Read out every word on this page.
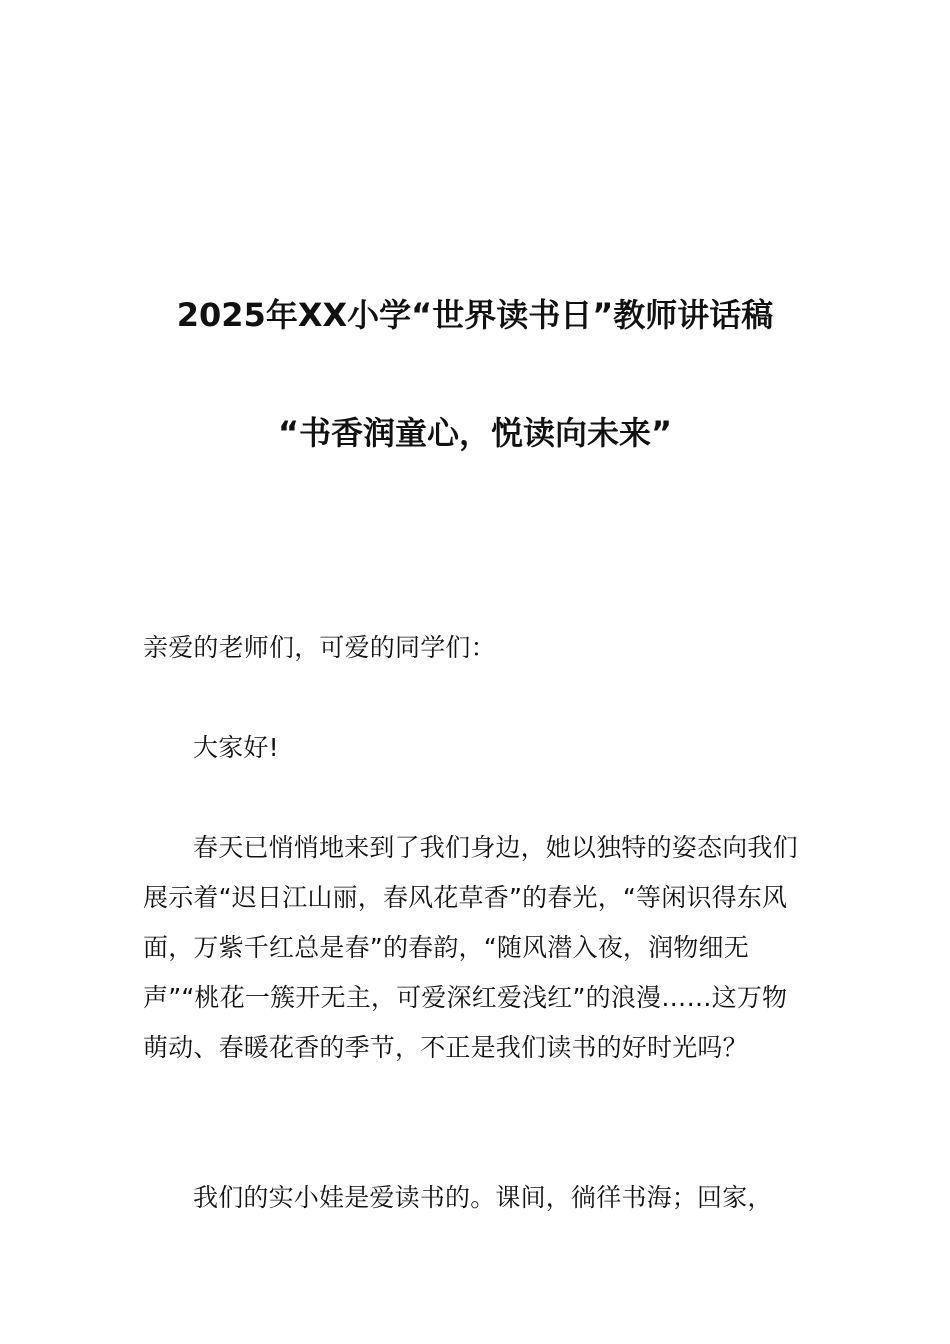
2025年XX小学“世界读书日”教师讲话稿
“书香润童心，悦读向未来”

亲爱的老师们，可爱的同学们：

大家好!

春天已悄悄地来到了我们身边，她以独特的姿态向我们展示着“迟日江山丽，春风花草香”的春光，“等闲识得东风面，万紫千红总是春”的春韵，“随风潜入夜，润物细无声”“桃花一簇开无主，可爱深红爱浅红”的浪漫……这万物萌动、春暖花香的季节，不正是我们读书的好时光吗？

我们的实小娃是爱读书的。课间，徜徉书海；回家，
